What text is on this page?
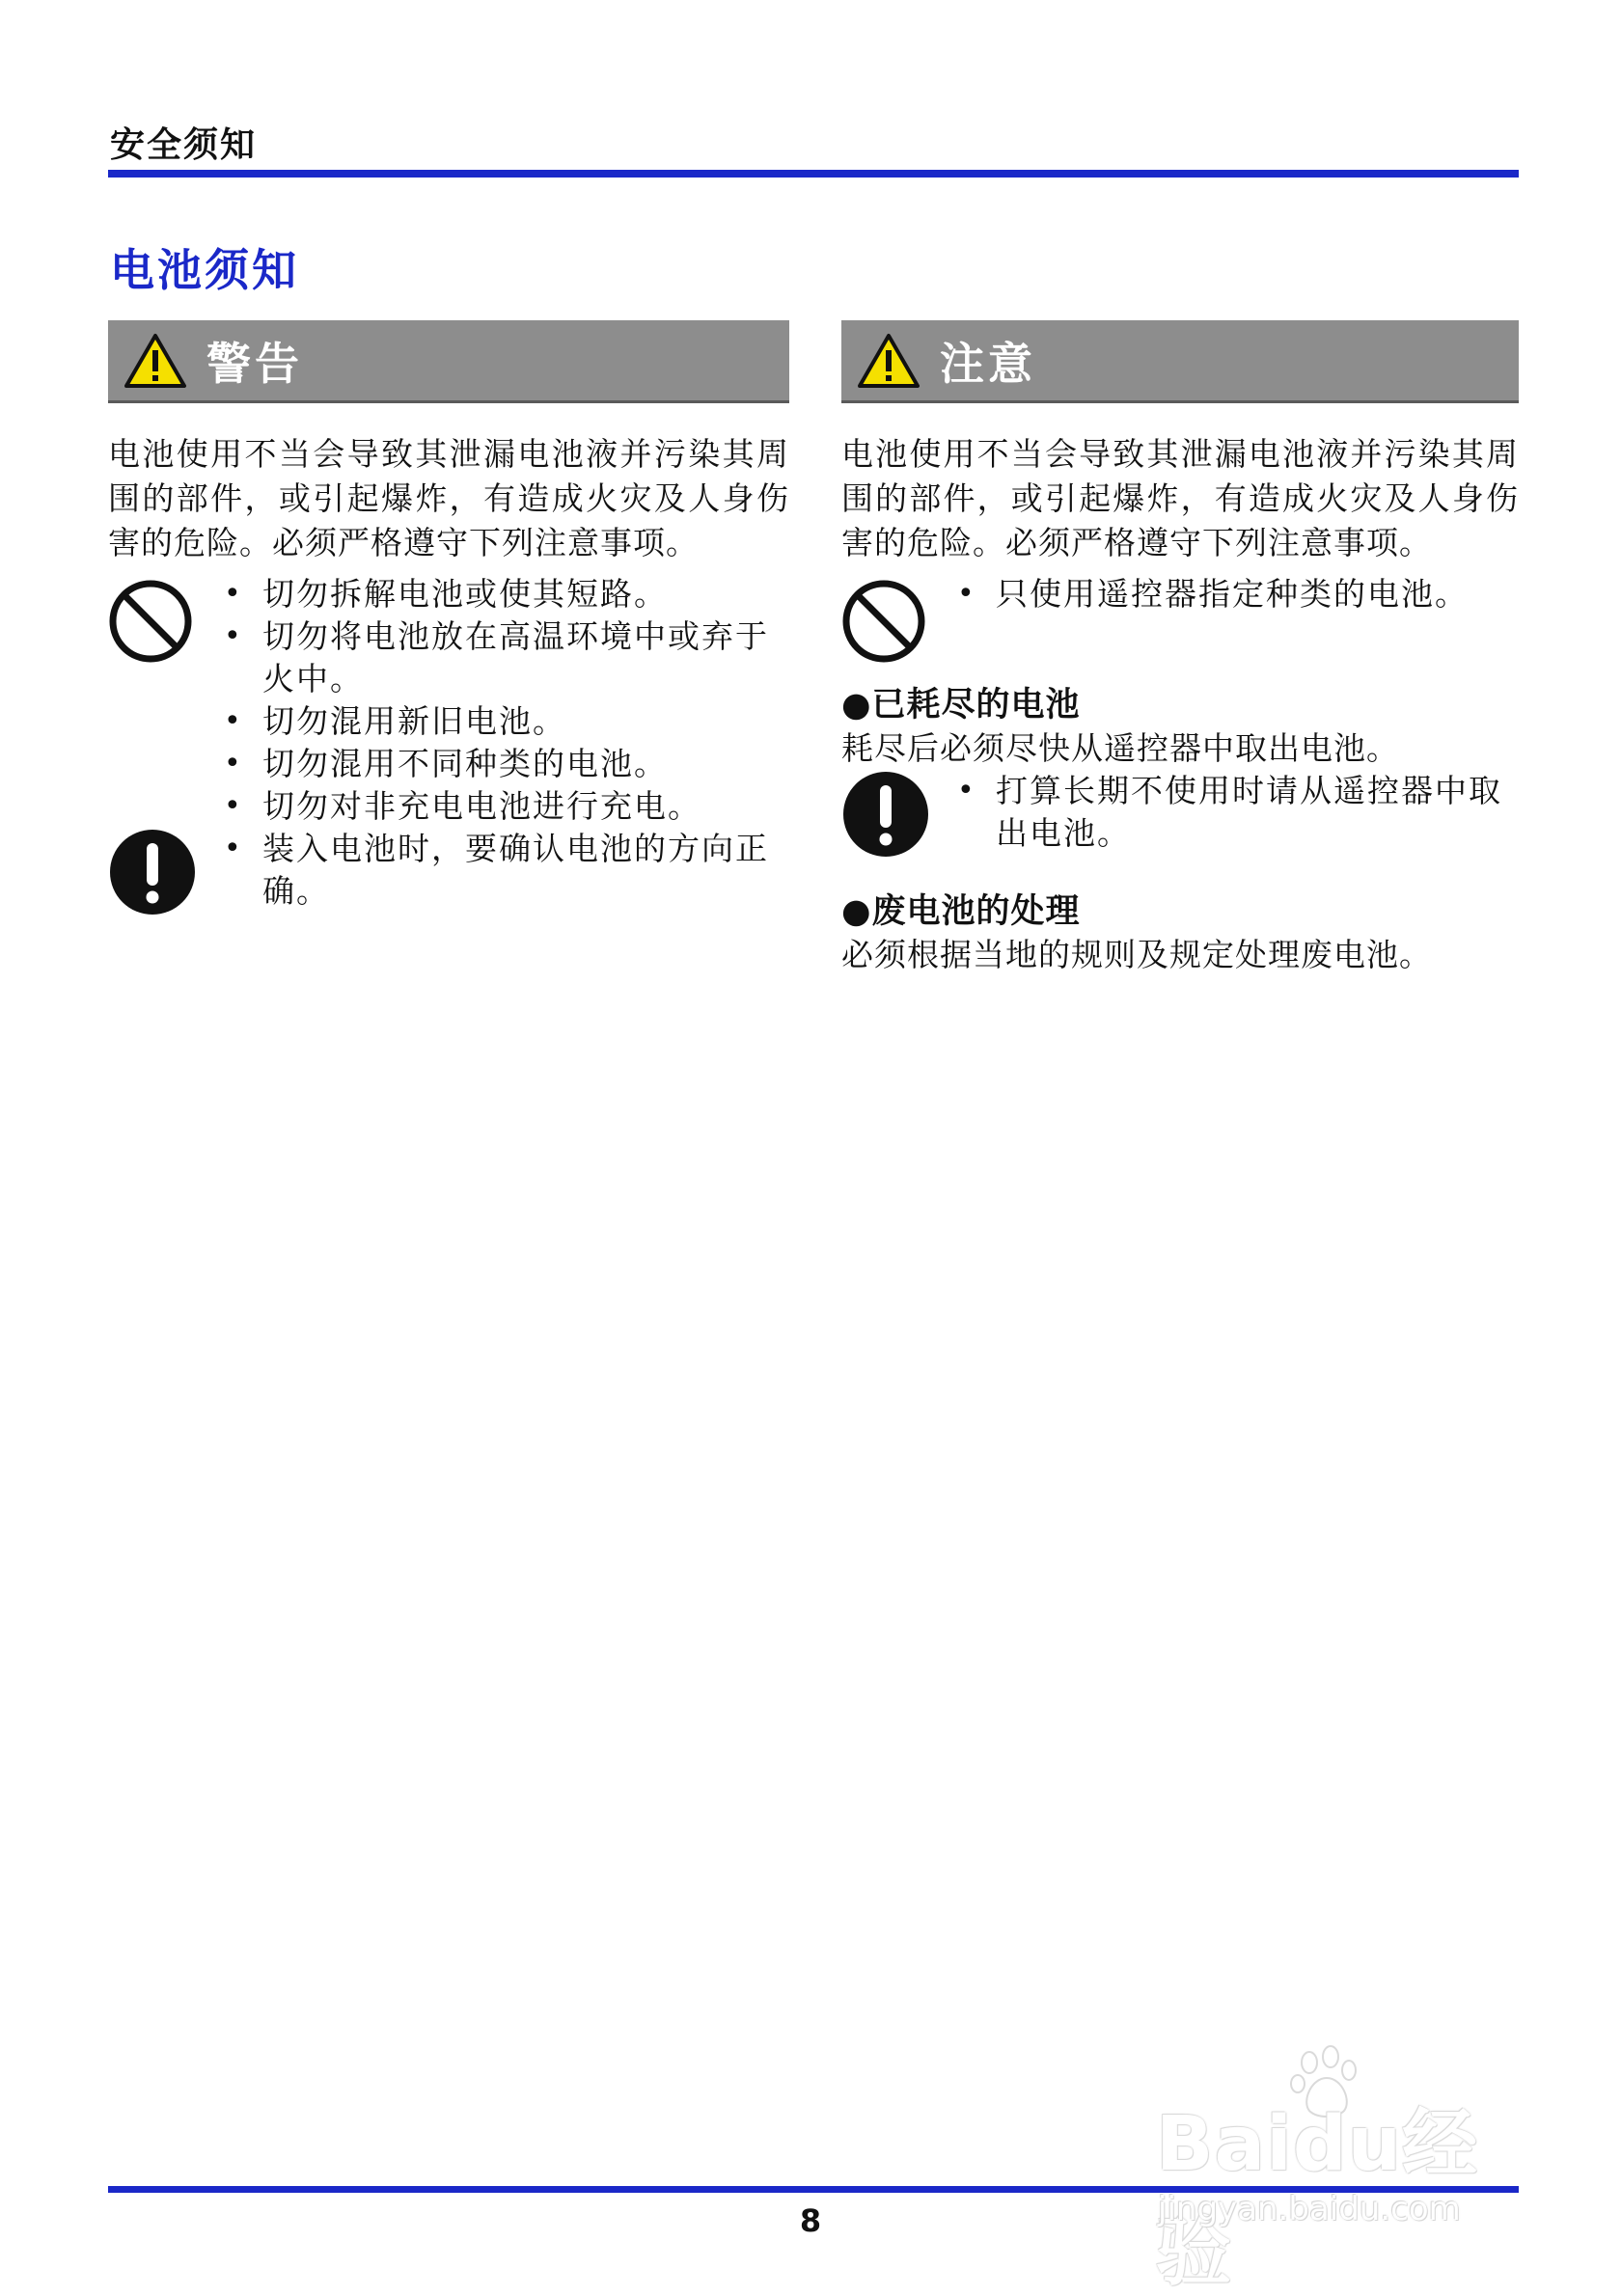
安全须知
电池须知
警告

电池使用不当会导致其泄漏电池液并污染其周围的部件，或引起爆炸，有造成火灾及人身伤害的危险。必须严格遵守下列注意事项。

• 切勿拆解电池或使其短路。
• 切勿将电池放在高温环境中或弃于火中。
• 切勿混用新旧电池。
• 切勿混用不同种类的电池。
• 切勿对非充电电池进行充电。
• 装入电池时，要确认电池的方向正确。
注意

电池使用不当会导致其泄漏电池液并污染其周围的部件，或引起爆炸，有造成火灾及人身伤害的危险。必须严格遵守下列注意事项。

• 只使用遥控器指定种类的电池。
●已耗尽的电池

耗尽后必须尽快从遥控器中取出电池。

• 打算长期不使用时请从遥控器中取出电池。
●废电池的处理

必须根据当地的规则及规定处理废电池。

8
Baidu经验
jingyan.baidu.com
